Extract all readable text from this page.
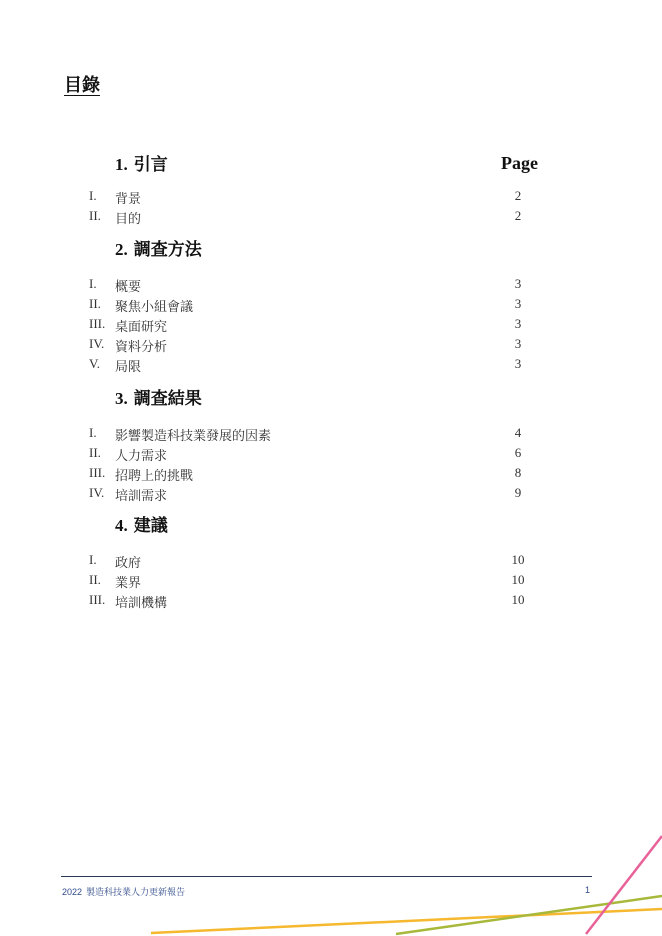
目錄
Page
1. 引言
I. 背景	2
II. 目的	2
2. 調查方法
I. 概要	3
II. 聚焦小組會議	3
III. 桌面研究	3
IV. 資料分析	3
V. 局限	3
3. 調查結果
I. 影響製造科技業發展的因素	4
II. 人力需求	6
III. 招聘上的挑戰	8
IV. 培訓需求	9
4. 建議
I. 政府	10
II. 業界	10
III. 培訓機構	10
2022 製造科技業人力更新報告	1
